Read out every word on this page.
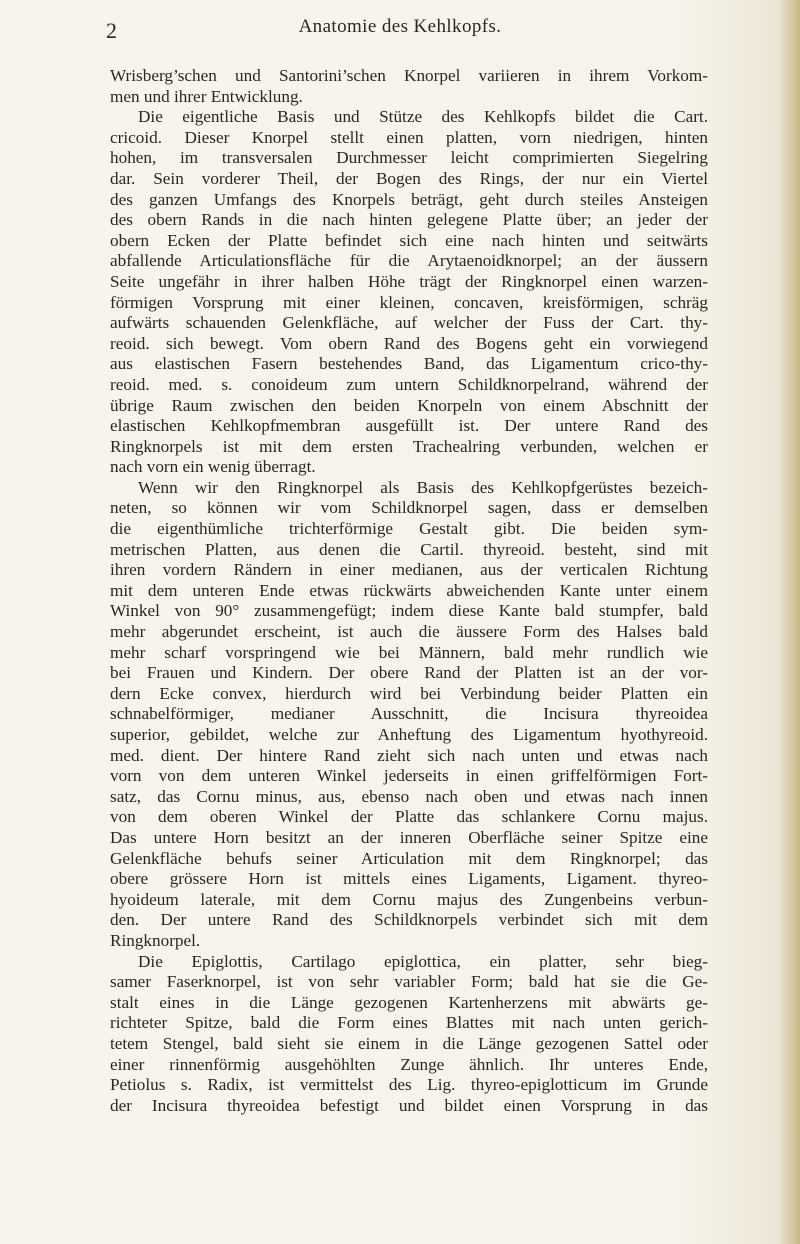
2	Anatomie des Kehlkopfs.

Wrisberg’schen und Santorini’schen Knorpel variieren in ihrem Vorkom-
men und ihrer Entwicklung.

Die eigentliche Basis und Stütze des Kehlkopfs bildet die Cart.
cricoid. Dieser Knorpel stellt einen platten, vorn niedrigen, hinten
hohen, im transversalen Durchmesser leicht comprimierten Siegelring
dar. Sein vorderer Theil, der Bogen des Rings, der nur ein Viertel
des ganzen Umfangs des Knorpels beträgt, geht durch steiles Ansteigen
des obern Rands in die nach hinten gelegene Platte über; an jeder der
obern Ecken der Platte befindet sich eine nach hinten und seitwärts
abfallende Articulationsfläche für die Arytaenoidknorpel; an der äussern
Seite ungefähr in ihrer halben Höhe trägt der Ringknorpel einen warzen-
förmigen Vorsprung mit einer kleinen, concaven, kreisförmigen, schräg
aufwärts schauenden Gelenkfläche, auf welcher der Fuss der Cart. thy-
reoid. sich bewegt. Vom obern Rand des Bogens geht ein vorwiegend
aus elastischen Fasern bestehendes Band, das Ligamentum crico-thy-
reoid. med. s. conoideum zum untern Schildknorpelrand, während der
übrige Raum zwischen den beiden Knorpeln von einem Abschnitt der
elastischen Kehlkopfmembran ausgefüllt ist. Der untere Rand des
Ringknorpels ist mit dem ersten Trachealring verbunden, welchen er
nach vorn ein wenig überragt.

Wenn wir den Ringknorpel als Basis des Kehlkopfgerüstes bezeich-
neten, so können wir vom Schildknorpel sagen, dass er demselben
die eigenthümliche trichterförmige Gestalt gibt. Die beiden sym-
metrischen Platten, aus denen die Cartil. thyreoid. besteht, sind mit
ihren vordern Rändern in einer medianen, aus der verticalen Richtung
mit dem unteren Ende etwas rückwärts abweichenden Kante unter einem
Winkel von 90° zusammengefügt; indem diese Kante bald stumpfer, bald
mehr abgerundet erscheint, ist auch die äussere Form des Halses bald
mehr scharf vorspringend wie bei Männern, bald mehr rundlich wie
bei Frauen und Kindern. Der obere Rand der Platten ist an der vor-
dern Ecke convex, hierdurch wird bei Verbindung beider Platten ein
schnabelförmiger, medianer Ausschnitt, die Incisura thyreoidea
superior, gebildet, welche zur Anheftung des Ligamentum hyothyreoid.
med. dient. Der hintere Rand zieht sich nach unten und etwas nach
vorn von dem unteren Winkel jederseits in einen griffelförmigen Fort-
satz, das Cornu minus, aus, ebenso nach oben und etwas nach innen
von dem oberen Winkel der Platte das schlankere Cornu majus.
Das untere Horn besitzt an der inneren Oberfläche seiner Spitze eine
Gelenkfläche behufs seiner Articulation mit dem Ringknorpel; das
obere grössere Horn ist mittels eines Ligaments, Ligament. thyreo-
hyoideum laterale, mit dem Cornu majus des Zungenbeins verbun-
den. Der untere Rand des Schildknorpels verbindet sich mit dem
Ringknorpel.

Die Epiglottis, Cartilago epiglottica, ein platter, sehr bieg-
samer Faserknorpel, ist von sehr variabler Form; bald hat sie die Ge-
stalt eines in die Länge gezogenen Kartenherzens mit abwärts ge-
richteter Spitze, bald die Form eines Blattes mit nach unten gerich-
tetem Stengel, bald sieht sie einem in die Länge gezogenen Sattel oder
einer rinnenförmig ausgehöhlten Zunge ähnlich. Ihr unteres Ende,
Petiolus s. Radix, ist vermittelst des Lig. thyreo-epiglotticum im Grunde
der Incisura thyreoidea befestigt und bildet einen Vorsprung in das
